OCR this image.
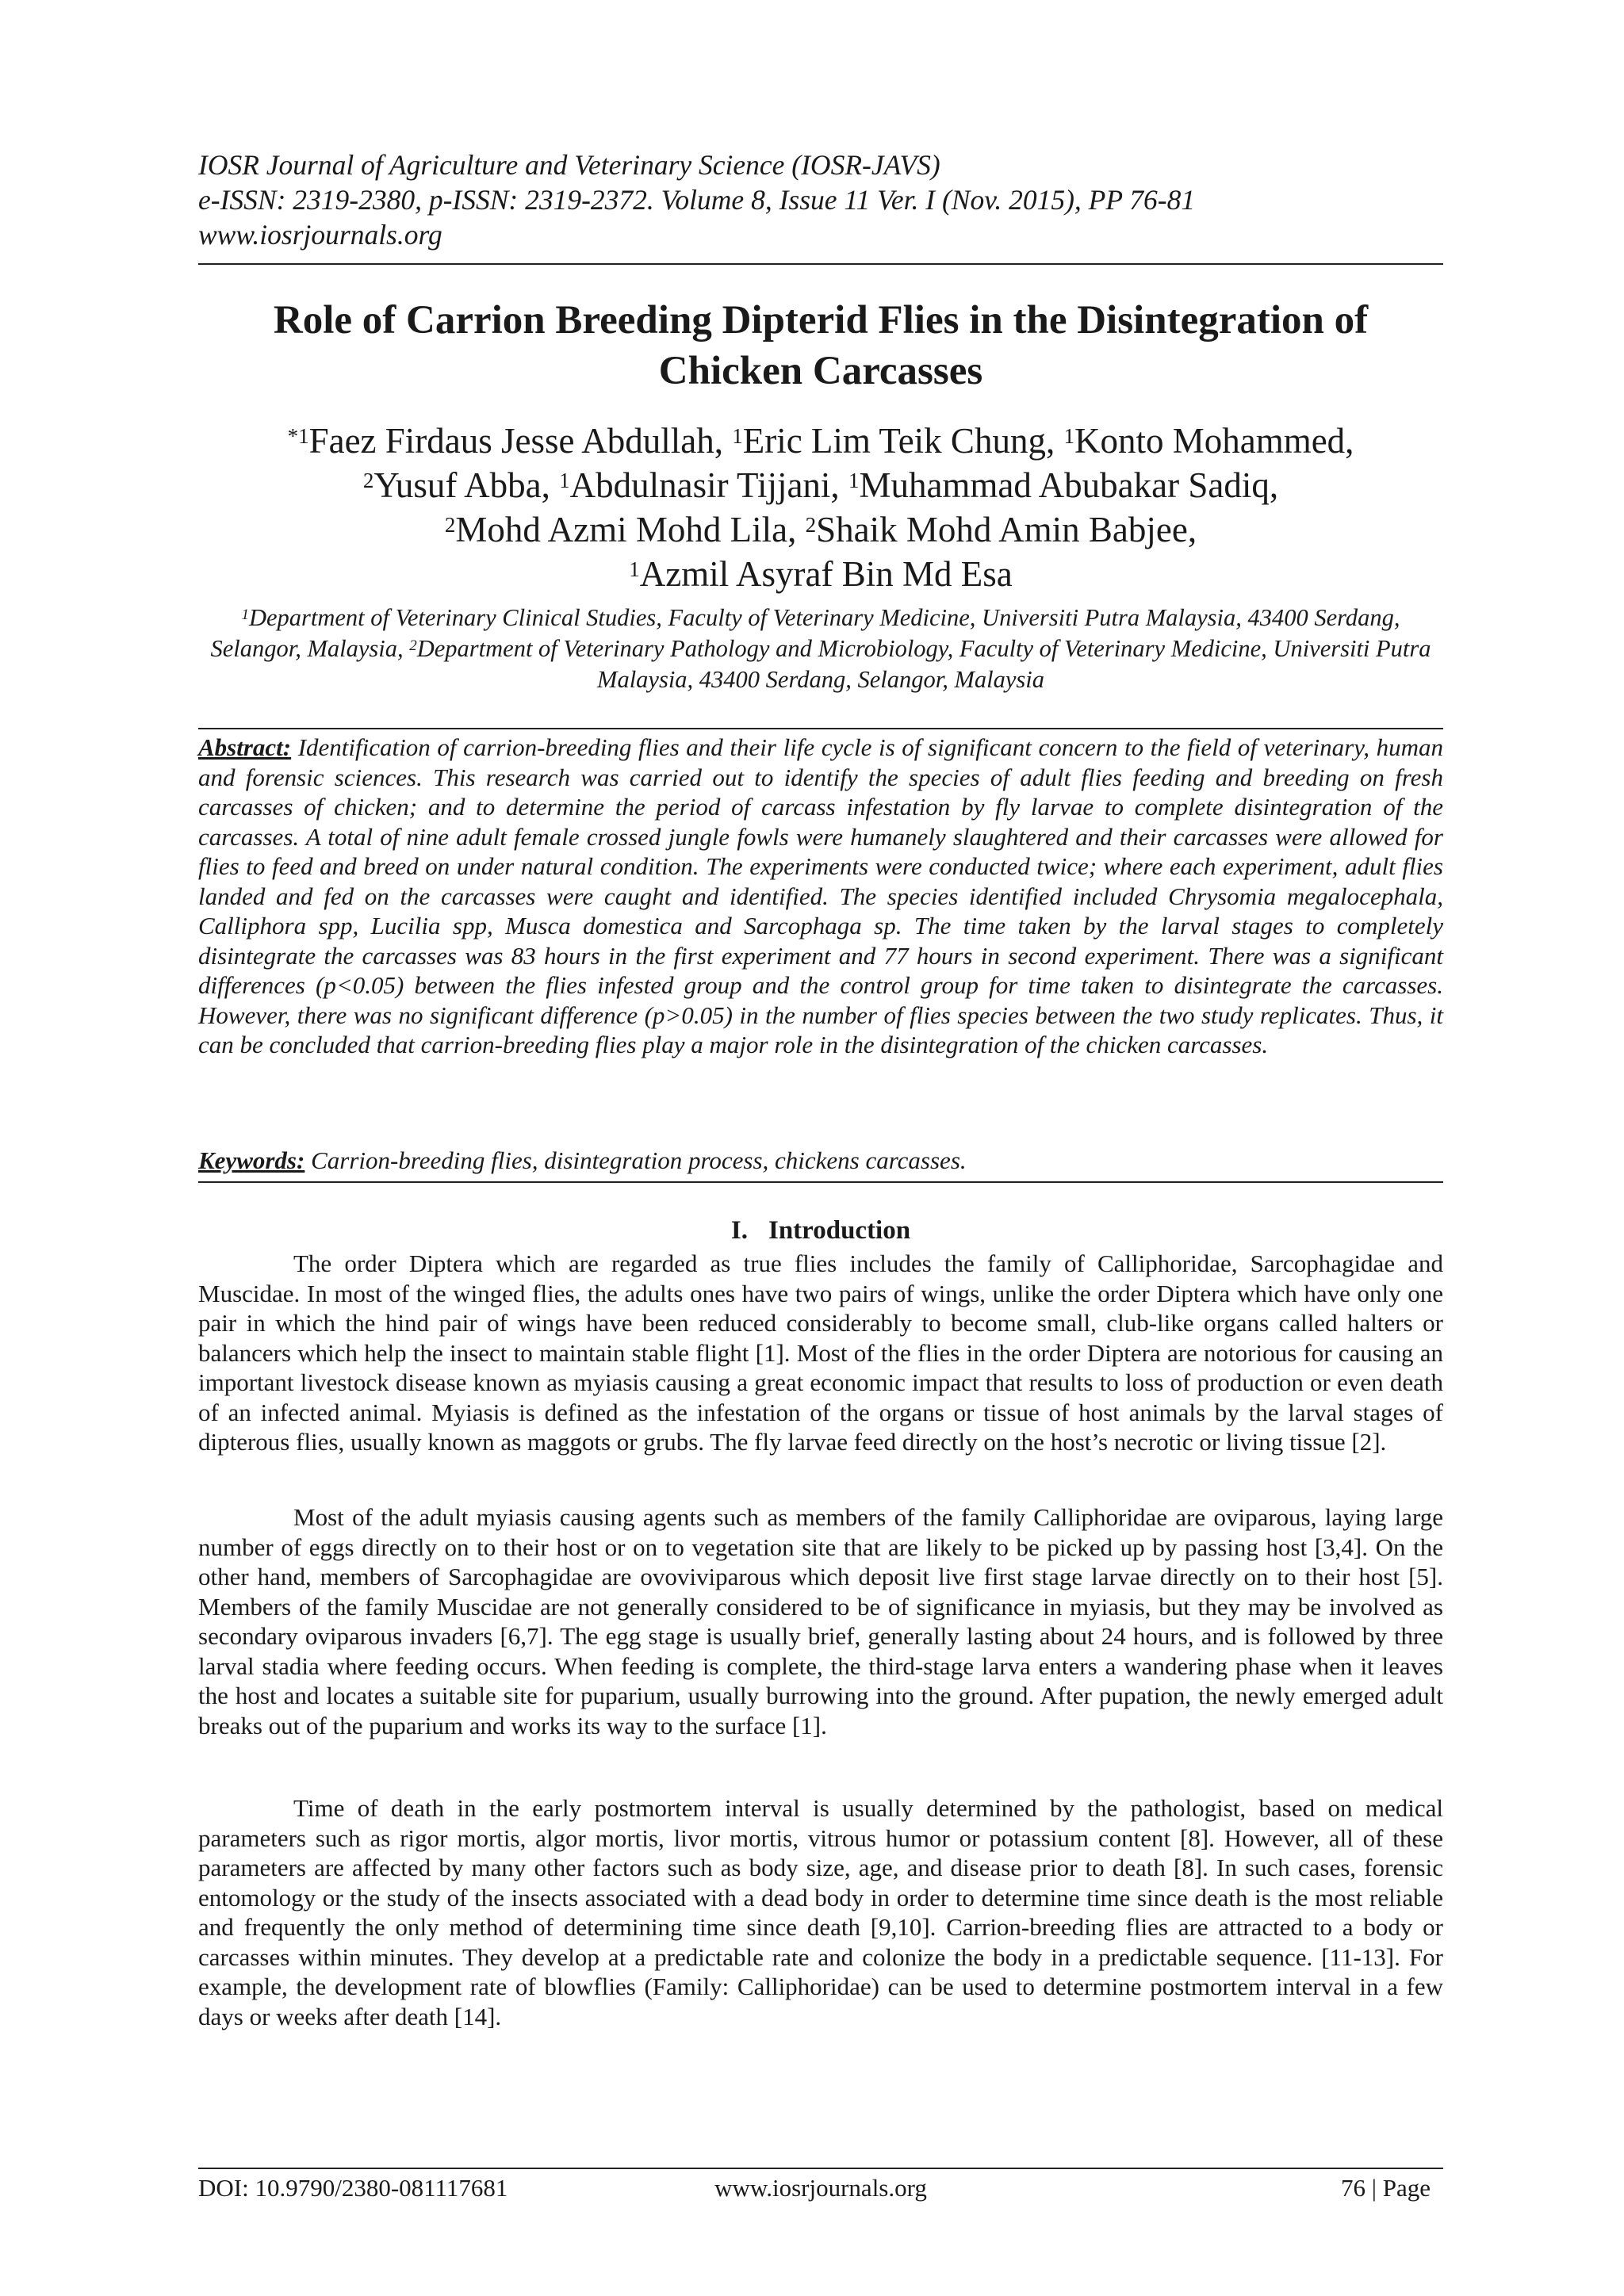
IOSR Journal of Agriculture and Veterinary Science (IOSR-JAVS)
e-ISSN: 2319-2380, p-ISSN: 2319-2372. Volume 8, Issue 11 Ver. I (Nov. 2015), PP 76-81
www.iosrjournals.org
Role of Carrion Breeding Dipterid Flies in the Disintegration of
Chicken Carcasses
$^{*1}$Faez Firdaus Jesse Abdullah, $^1$Eric Lim Teik Chung, $^1$Konto Mohammed,
$^2$Yusuf Abba, $^1$Abdulnasir Tijjani, $^1$Muhammad Abubakar Sadiq,
$^2$Mohd Azmi Mohd Lila, $^2$Shaik Mohd Amin Babjee,
$^1$Azmil Asyraf Bin Md Esa
$^1$Department of Veterinary Clinical Studies, Faculty of Veterinary Medicine, Universiti Putra Malaysia, 43400 Serdang, Selangor, Malaysia, $^2$Department of Veterinary Pathology and Microbiology, Faculty of Veterinary Medicine, Universiti Putra Malaysia, 43400 Serdang, Selangor, Malaysia
Abstract: Identification of carrion-breeding flies and their life cycle is of significant concern to the field of veterinary, human and forensic sciences. This research was carried out to identify the species of adult flies feeding and breeding on fresh carcasses of chicken; and to determine the period of carcass infestation by fly larvae to complete disintegration of the carcasses. A total of nine adult female crossed jungle fowls were humanely slaughtered and their carcasses were allowed for flies to feed and breed on under natural condition. The experiments were conducted twice; where each experiment, adult flies landed and fed on the carcasses were caught and identified. The species identified included Chrysomia megalocephala, Calliphora spp, Lucilia spp, Musca domestica and Sarcophaga sp. The time taken by the larval stages to completely disintegrate the carcasses was 83 hours in the first experiment and 77 hours in second experiment. There was a significant differences (p<0.05) between the flies infested group and the control group for time taken to disintegrate the carcasses. However, there was no significant difference (p>0.05) in the number of flies species between the two study replicates. Thus, it can be concluded that carrion-breeding flies play a major role in the disintegration of the chicken carcasses.
Keywords: Carrion-breeding flies, disintegration process, chickens carcasses.
I. Introduction

The order Diptera which are regarded as true flies includes the family of Calliphoridae, Sarcophagidae and Muscidae. In most of the winged flies, the adults ones have two pairs of wings, unlike the order Diptera which have only one pair in which the hind pair of wings have been reduced considerably to become small, club-like organs called halters or balancers which help the insect to maintain stable flight [1]. Most of the flies in the order Diptera are notorious for causing an important livestock disease known as myiasis causing a great economic impact that results to loss of production or even death of an infected animal. Myiasis is defined as the infestation of the organs or tissue of host animals by the larval stages of dipterous flies, usually known as maggots or grubs. The fly larvae feed directly on the host’s necrotic or living tissue [2].

Most of the adult myiasis causing agents such as members of the family Calliphoridae are oviparous, laying large number of eggs directly on to their host or on to vegetation site that are likely to be picked up by passing host [3,4]. On the other hand, members of Sarcophagidae are ovoviviparous which deposit live first stage larvae directly on to their host [5]. Members of the family Muscidae are not generally considered to be of significance in myiasis, but they may be involved as secondary oviparous invaders [6,7]. The egg stage is usually brief, generally lasting about 24 hours, and is followed by three larval stadia where feeding occurs. When feeding is complete, the third-stage larva enters a wandering phase when it leaves the host and locates a suitable site for puparium, usually burrowing into the ground. After pupation, the newly emerged adult breaks out of the puparium and works its way to the surface [1].

Time of death in the early postmortem interval is usually determined by the pathologist, based on medical parameters such as rigor mortis, algor mortis, livor mortis, vitrous humor or potassium content [8]. However, all of these parameters are affected by many other factors such as body size, age, and disease prior to death [8]. In such cases, forensic entomology or the study of the insects associated with a dead body in order to determine time since death is the most reliable and frequently the only method of determining time since death [9,10]. Carrion-breeding flies are attracted to a body or carcasses within minutes. They develop at a predictable rate and colonize the body in a predictable sequence. [11-13]. For example, the development rate of blowflies (Family: Calliphoridae) can be used to determine postmortem interval in a few days or weeks after death [14].

www.iosrjournals.org
DOI: 10.9790/2380-081117681	76 | Page
